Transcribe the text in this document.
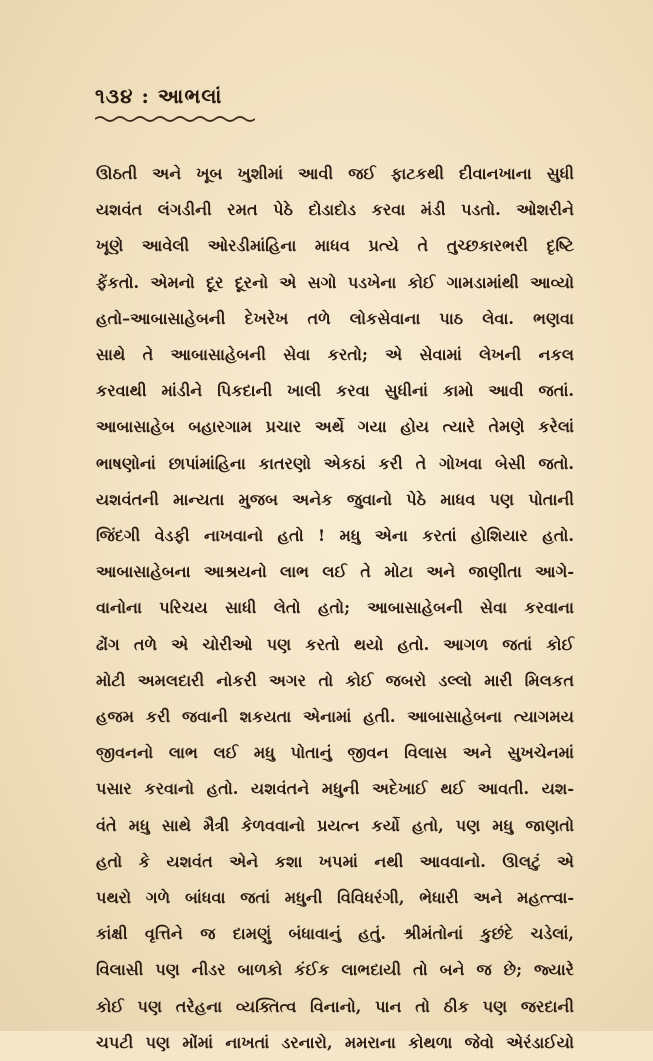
૧૩૪ : આભલાં

ઊઠતી અને ખૂબ ખુશીમાં આવી જઈ ફાટકથી દીવાનખાના સુધી

યશવંત લંગડીની રમત પેઠે દોડાદોડ કરવા મંડી પડતો. ઓશરીને

ખૂણે આવેલી ઓરડીમાંહિના માધવ પ્રત્યે તે તુચ્છકારભરી દૃષ્ટિ

ફેંકતો. એમનો દૂર દૂરનો એ સગો પડખેના કોઈ ગામડામાંથી આવ્યો

હતો–આબાસાહેબની દેખરેખ તળે લોકસેવાના પાઠ લેવા. ભણવા

સાથે તે આબાસાહેબની સેવા કરતો; એ સેવામાં લેખની નકલ

કરવાથી માંડીને પિકદાની ખાલી કરવા સુધીનાં કામો આવી જતાં.

આબાસાહેબ બહારગામ પ્રચાર અર્થે ગયા હોય ત્યારે તેમણે કરેલાં

ભાષણોનાં છાપાંમાંહિના કાતરણો એકઠાં કરી તે ગોખવા બેસી જતો.

યશવંતની માન્યતા મુજબ અનેક જુવાનો પેઠે માધવ પણ પોતાની

જિંદગી વેડફી નાખવાનો હતો ! મધુ એના કરતાં હોશિયાર હતો.

આબાસાહેબના આશ્રયનો લાભ લઈ તે મોટા અને જાણીતા આગે-

વાનોના પરિચય સાધી લેતો હતો; આબાસાહેબની સેવા કરવાના

ઢોંગ તળે એ ચોરીઓ પણ કરતો થયો હતો. આગળ જતાં કોઈ

મોટી અમલદારી નોકરી અગર તો કોઈ જબરો ડલ્લો મારી મિલકત

હજમ કરી જવાની શકયતા એનામાં હતી. આબાસાહેબના ત્યાગમય

જીવનનો લાભ લઈ મધુ પોતાનું જીવન વિલાસ અને સુખચેનમાં

પસાર કરવાનો હતો. યશવંતને મધુની અદેખાઈ થઈ આવતી. યશ-

વંતે મધુ સાથે મૈત્રી કેળવવાનો પ્રયત્ન કર્યો હતો, પણ મધુ જાણતો

હતો કે યશવંત એને કશા ખપમાં નથી આવવાનો. ઊલટું એ

પથરો ગળે બાંધવા જતાં મધુની વિવિધરંગી, ભેધારી અને મહત્ત્વા-

કાંક્ષી વૃત્તિને જ દામણું બંધાવાનું હતું. શ્રીમંતોનાં કુછંદે ચડેલાં,

વિલાસી પણ નીડર બાળકો કંઈક લાભદાયી તો બને જ છે; જ્યારે

કોઈ પણ તરેહના વ્યક્તિત્વ વિનાનો, પાન તો ઠીક પણ જરદાની

ચપટી પણ મોંમાં નાખતાં ડરનારો, મમરાના કોથળા જેવો એરંડાઈયો
